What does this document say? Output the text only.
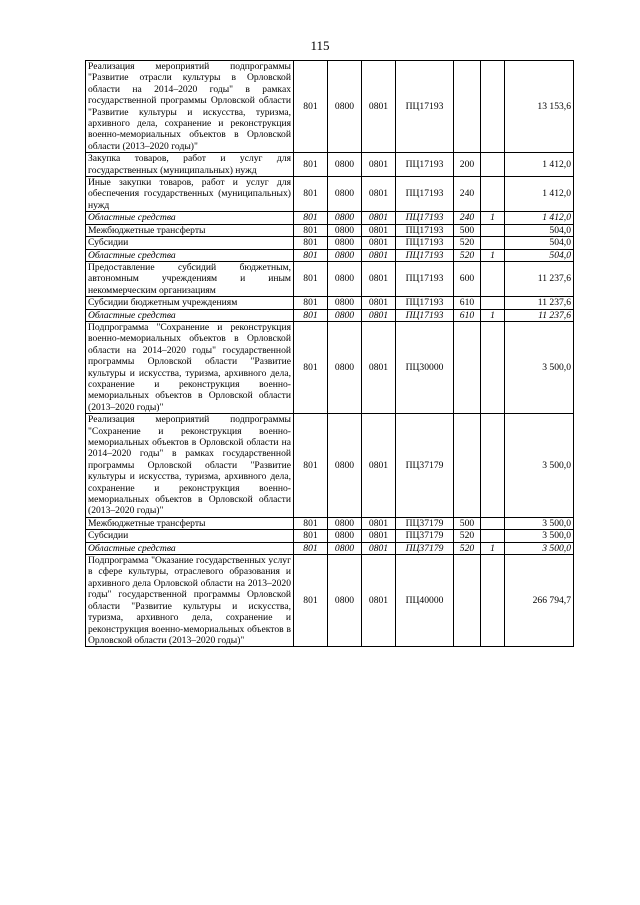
115
Реализация мероприятий подпрограммы "Развитие отрасли культуры в Орловской области на 2014–2020 годы" в рамках государственной программы Орловской области "Развитие культуры и искусства, туризма, архивного дела, сохранение и реконструкция военно-мемориальных объектов в Орловской области (2013–2020 годы)"	801	0800	0801	ПЦ17193			13 153,6
Закупка товаров, работ и услуг для государственных (муниципальных) нужд	801	0800	0801	ПЦ17193	200		1 412,0
Иные закупки товаров, работ и услуг для обеспечения государственных (муниципальных) нужд	801	0800	0801	ПЦ17193	240		1 412,0
Областные средства	801	0800	0801	ПЦ17193	240	1	1 412,0
Межбюджетные трансферты	801	0800	0801	ПЦ17193	500		504,0
Субсидии	801	0800	0801	ПЦ17193	520		504,0
Областные средства	801	0800	0801	ПЦ17193	520	1	504,0
Предоставление субсидий бюджетным, автономным учреждениям и иным некоммерческим организациям	801	0800	0801	ПЦ17193	600		11 237,6
Субсидии бюджетным учреждениям	801	0800	0801	ПЦ17193	610		11 237,6
Областные средства	801	0800	0801	ПЦ17193	610	1	11 237,6
Подпрограмма "Сохранение и реконструкция военно-мемориальных объектов в Орловской области на 2014–2020 годы" государственной программы Орловской области "Развитие культуры и искусства, туризма, архивного дела, сохранение и реконструкция военно-мемориальных объектов в Орловской области (2013–2020 годы)"	801	0800	0801	ПЦ30000			3 500,0
Реализация мероприятий подпрограммы "Сохранение и реконструкция военно-мемориальных объектов в Орловской области на 2014–2020 годы" в рамках государственной программы Орловской области "Развитие культуры и искусства, туризма, архивного дела, сохранение и реконструкция военно-мемориальных объектов в Орловской области (2013–2020 годы)"	801	0800	0801	ПЦ37179			3 500,0
Межбюджетные трансферты	801	0800	0801	ПЦ37179	500		3 500,0
Субсидии	801	0800	0801	ПЦ37179	520		3 500,0
Областные средства	801	0800	0801	ПЦ37179	520	1	3 500,0
Подпрограмма "Оказание государственных услуг в сфере культуры, отраслевого образования и архивного дела Орловской области на 2013–2020 годы" государственной программы Орловской области "Развитие культуры и искусства, туризма, архивного дела, сохранение и реконструкция военно-мемориальных объектов в Орловской области (2013–2020 годы)"	801	0800	0801	ПЦ40000			266 794,7
